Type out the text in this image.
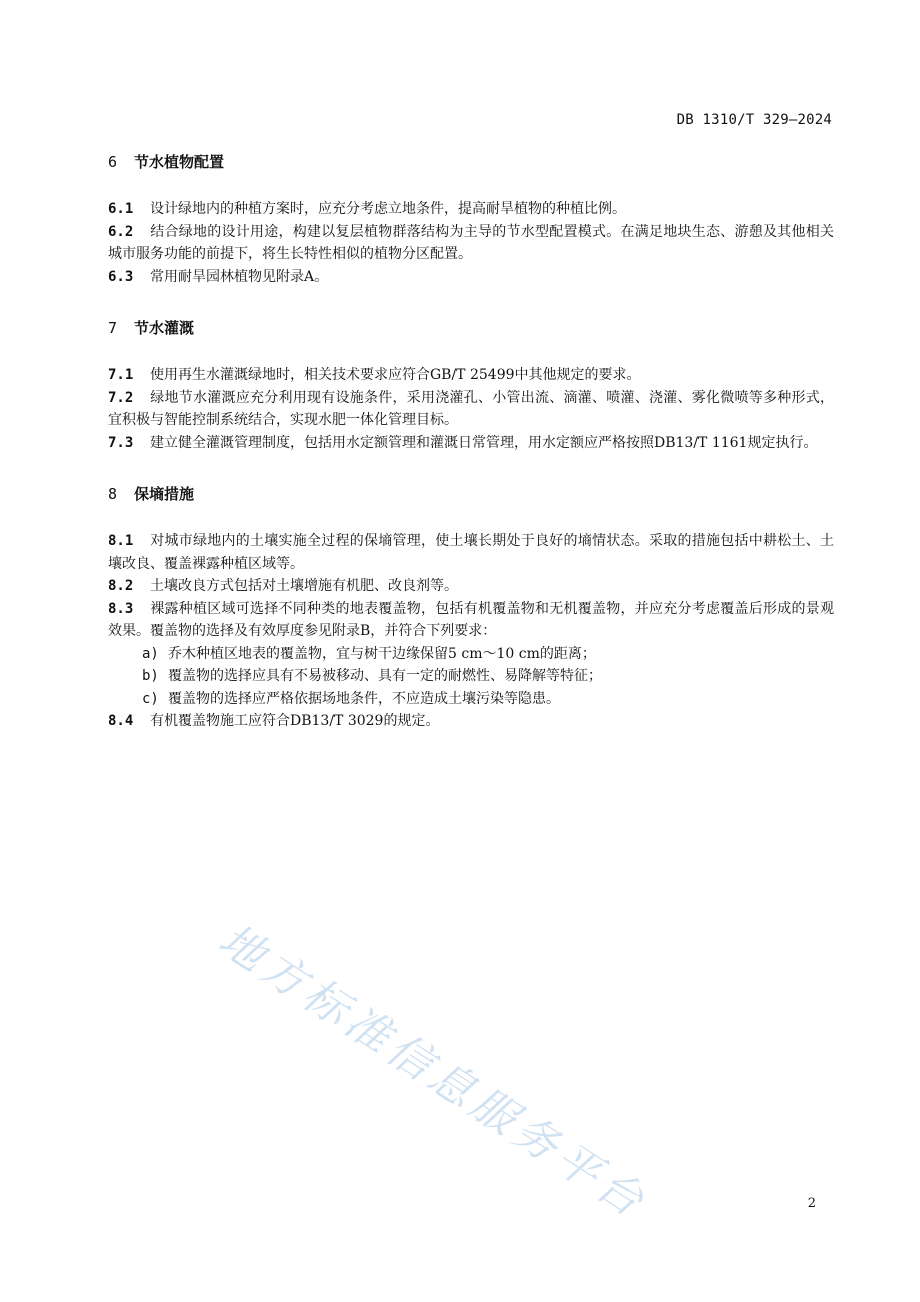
DB 1310/T 329—2024
6 节水植物配置

6.1 设计绿地内的种植方案时，应充分考虑立地条件，提高耐旱植物的种植比例。

6.2 结合绿地的设计用途，构建以复层植物群落结构为主导的节水型配置模式。在满足地块生态、游憩及其他相关城市服务功能的前提下，将生长特性相似的植物分区配置。

6.3 常用耐旱园林植物见附录A。

7 节水灌溉

7.1 使用再生水灌溉绿地时，相关技术要求应符合GB/T 25499中其他规定的要求。

7.2 绿地节水灌溉应充分利用现有设施条件，采用浇灌孔、小管出流、滴灌、喷灌、浇灌、雾化微喷等多种形式，宜积极与智能控制系统结合，实现水肥一体化管理目标。

7.3 建立健全灌溉管理制度，包括用水定额管理和灌溉日常管理，用水定额应严格按照DB13/T 1161规定执行。

8 保墒措施

8.1 对城市绿地内的土壤实施全过程的保墒管理，使土壤长期处于良好的墒情状态。采取的措施包括中耕松土、土壤改良、覆盖裸露种植区域等。

8.2 土壤改良方式包括对土壤增施有机肥、改良剂等。

8.3 裸露种植区域可选择不同种类的地表覆盖物，包括有机覆盖物和无机覆盖物，并应充分考虑覆盖后形成的景观效果。覆盖物的选择及有效厚度参见附录B，并符合下列要求：

a) 乔木种植区地表的覆盖物，宜与树干边缘保留5 cm～10 cm的距离；

b) 覆盖物的选择应具有不易被移动、具有一定的耐燃性、易降解等特征；

c) 覆盖物的选择应严格依据场地条件，不应造成土壤污染等隐患。

8.4 有机覆盖物施工应符合DB13/T 3029的规定。

地方标准信息服务平台	2
